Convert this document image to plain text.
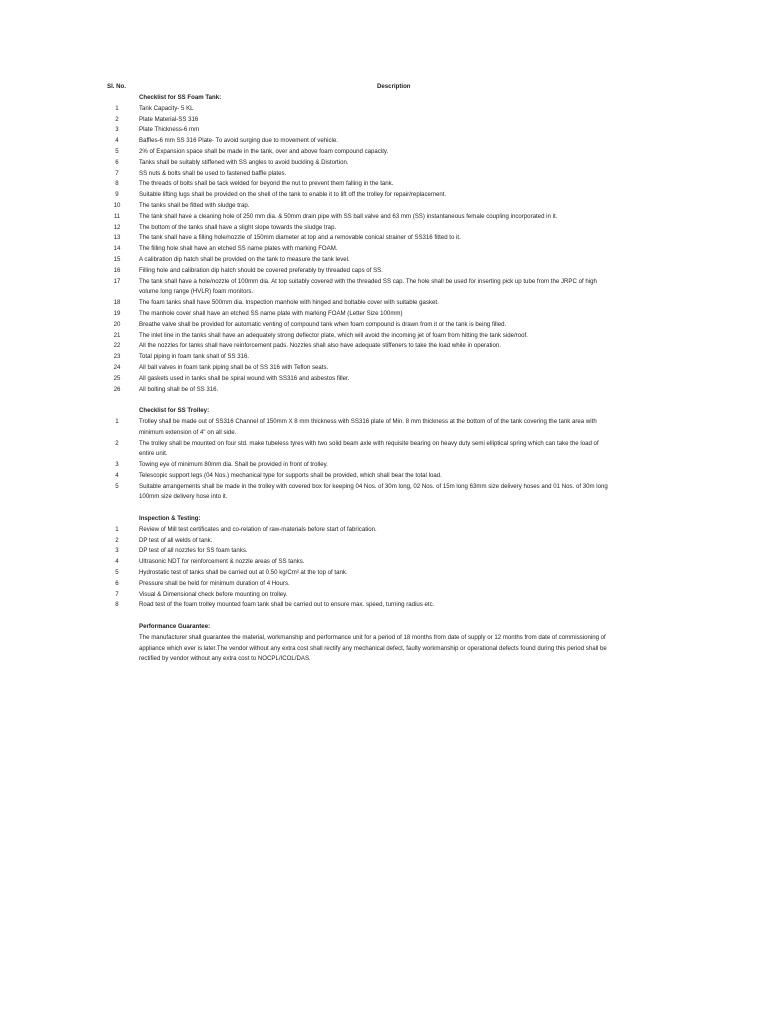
Sl. No.	Description
Checklist for SS Foam Tank:
1	Tank Capacity- 5 KL
2	Plate Material-SS 316
3	Plate Thickness-6 mm
4	Baffles-6 mm SS 316 Plate- To avoid surging due to movement of vehicle.
5	2% of Expansion space shall be made in the tank, over and above foam compound capacity.
6	Tanks shall be suitably stiffened with SS angles to avoid buckling & Distortion.
7	SS nuts & bolts shall be used to fastened baffle plates.
8	The threads of bolts shall be tack welded for beyond the nut to prevent them falling in the tank.
9	Suitable lifting lugs shall be provided on the shell of the tank to enable it to lift off the trolley for repair/replacement.
10	The tanks shall be fitted with sludge trap.
11	The tank shall have a cleaning hole of 250 mm dia. & 50mm drain pipe with SS ball valve and 63 mm (SS) instantaneous female coupling incorporated in it.
12	The bottom of the tanks shall have a slight slope towards the sludge trap.
13	The tank shall have a filling hole/nozzle of 150mm diameter at top and a removable conical strainer of SS316 fitted to it.
14	The filling hole shall have an etched SS name plates with marking FOAM.
15	A calibration dip hatch shall be provided on the tank to measure the tank level.
16	Filling hole and calibration dip hatch should be covered preferably by threaded caps of SS.
17	The tank shall have a hole/nozzle of 100mm dia. At top suitably covered with the threaded SS cap. The hole shall be used for inserting pick up tube from the JRPC of high volume long range (HVLR) foam monitors.
18	The foam tanks shall have 500mm dia. Inspection manhole with hinged and boltable cover with suitable gasket.
19	The manhole cover shall have an etched SS name plate with marking FOAM (Letter Size 100mm)
20	Breathe valve shall be provided for automatic venting of compound tank when foam compound is drawn from it or the tank is being filled.
21	The inlet line in the tanks shall have an adequately strong deflector plate, which will avoid the incoming jet of foam from hitting the tank side/roof.
22	All the nozzles for tanks shall have reinforcement pads. Nozzles shall also have adequate stiffeners to take the load while in operation.
23	Total piping in foam tank shall of SS 316.
24	All ball valves in foam tank piping shall be of SS 316 with Teflon seats.
25	All gaskets used in tanks shall be spiral wound with SS316 and asbestos filler.
26	All bolting shall be of SS 316.
Checklist for SS Trolley:
1	Trolley shall be made out of SS316 Channel of 150mm X 8 mm thickness with SS316 plate of Min. 8 mm thickness at the bottom of of the tank covering the tank area with minimum extension of 4" on all side.
2	The trolley shall be mounted on four std. make tubeless tyres with two solid beam axle with requisite bearing on heavy duty semi elliptical spring which can take the load of entire unit.
3	Towing eye of minimum 80mm dia. Shall be provided in front of trolley.
4	Telescopic support legs (04 Nos.) mechanical type for supports shall be provided, which shall bear the total load.
5	Suitable arrangements shall be made in the trolley with covered box for keeping 04 Nos. of 30m long, 02 Nos. of 15m long 63mm size delivery hoses and 01 Nos. of 30m long 100mm size delivery hose into it.
Inspection & Testing:
1	Review of Mill test certificates and co-relation of raw-materials before start of fabrication.
2	DP test of all welds of tank.
3	DP test of all nozzles for SS foam tanks.
4	Ultrasonic NDT for reinforcement & nozzle areas of SS tanks.
5	Hydrostatic test of tanks shall be carried out at 0.50 kg/Cm² at the top of tank.
6	Pressure shall be held for minimum duration of 4 Hours.
7	Visual & Dimensional check before mounting on trolley.
8	Road test of the foam trolley mounted foam tank shall be carried out to ensure max. speed, turning radius etc.
Performance Guarantee:
The manufacturer shall guarantee the material, workmanship and performance unit for a period of 18 months from date of supply or 12 months from date of commissioning of appliance which ever is later.The vendor without any extra cost shall rectify any mechanical defect, faulty workmanship or operational defects found during this period shall be rectified by vendor without any extra cost to NOCPL/ICOL/DAS.
